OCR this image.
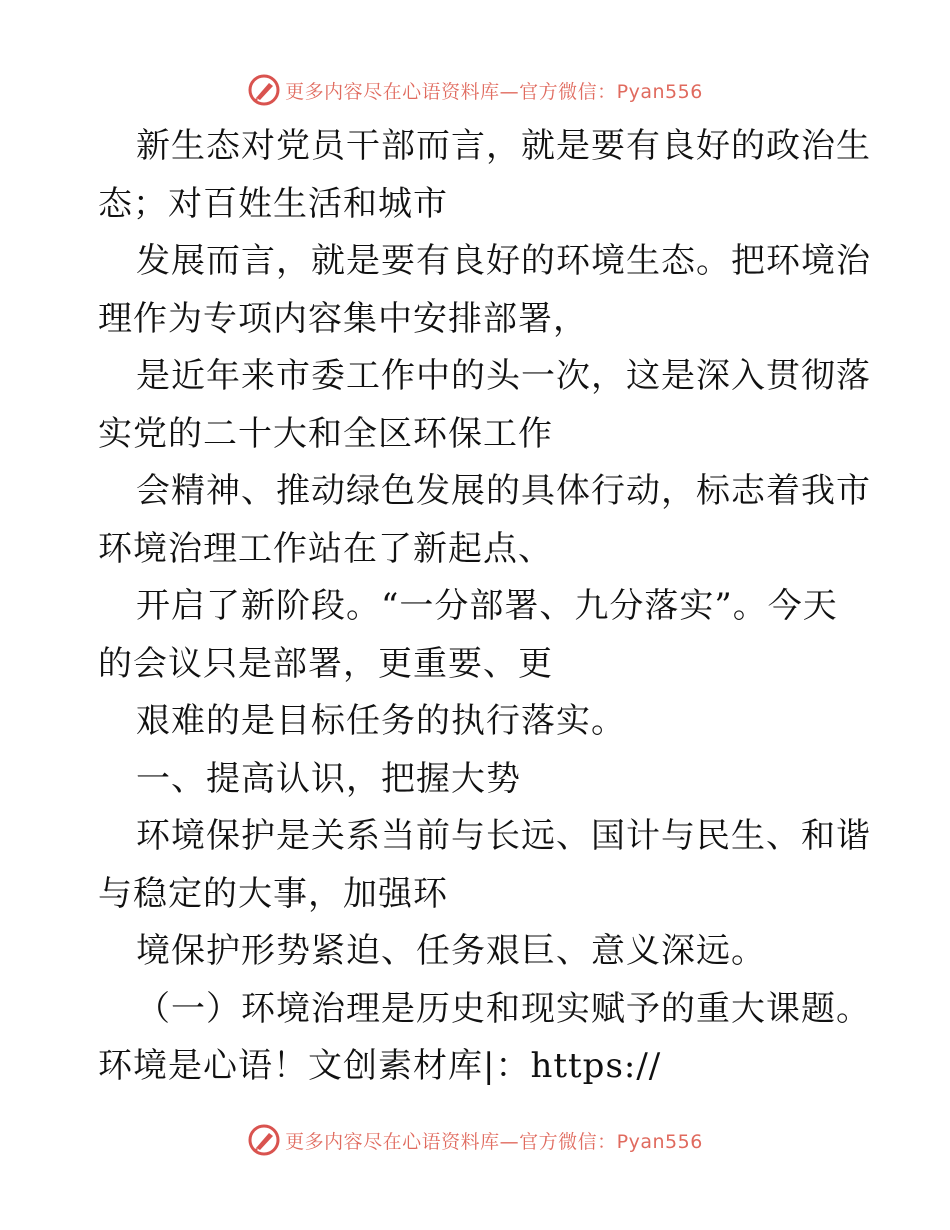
更多内容尽在心语资料库—官方微信：Pyan556
新生态对党员干部而言，就是要有良好的政治生
态；对百姓生活和城市
发展而言，就是要有良好的环境生态。把环境治
理作为专项内容集中安排部署，
是近年来市委工作中的头一次，这是深入贯彻落
实党的二十大和全区环保工作
会精神、推动绿色发展的具体行动，标志着我市
环境治理工作站在了新起点、
开启了新阶段。“一分部署、九分落实”。今天
的会议只是部署，更重要、更
艰难的是目标任务的执行落实。
一、提高认识，把握大势
环境保护是关系当前与长远、国计与民生、和谐
与稳定的大事，加强环
境保护形势紧迫、任务艰巨、意义深远。
（一）环境治理是历史和现实赋予的重大课题。
环境是心语！文创素材库|：https://
更多内容尽在心语资料库—官方微信：Pyan556
